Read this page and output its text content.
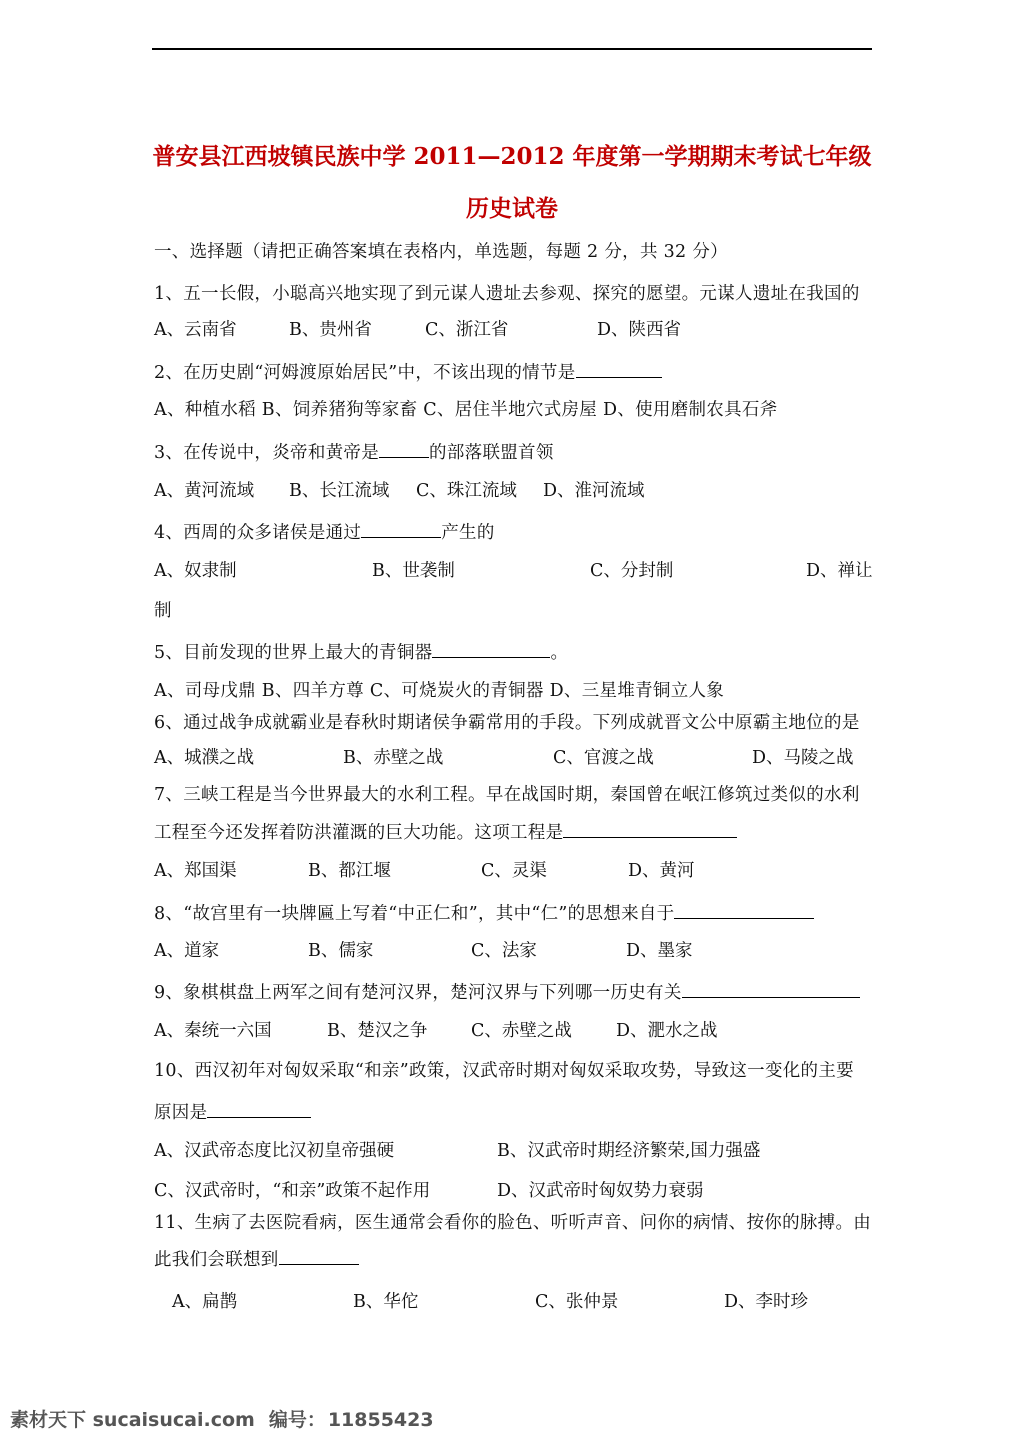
普安县江西坡镇民族中学 2011—2012 年度第一学期期末考试七年级
历史试卷
一、选择题（请把正确答案填在表格内，单选题，每题 2 分，共 32 分）
1、五一长假，小聪高兴地实现了到元谋人遗址去参观、探究的愿望。元谋人遗址在我国的
A、云南省	B、贵州省	C、浙江省	D、陕西省
2、在历史剧“河姆渡原始居民”中，不该出现的情节是
A、种植水稻 B、饲养猪狗等家畜 C、居住半地穴式房屋 D、使用磨制农具石斧
3、在传说中，炎帝和黄帝是	的部落联盟首领
A、黄河流域 B、长江流域 C、珠江流域 D、淮河流域
4、西周的众多诸侯是通过	产生的
A、奴隶制	B、世袭制	C、分封制	D、禅让
制
5、目前发现的世界上最大的青铜器	。
A、司母戊鼎 B、四羊方尊 C、可烧炭火的青铜器 D、三星堆青铜立人象
6、通过战争成就霸业是春秋时期诸侯争霸常用的手段。下列成就晋文公中原霸主地位的是
A、城濮之战	B、赤壁之战	C、官渡之战	D、马陵之战
7、三峡工程是当今世界最大的水利工程。早在战国时期，秦国曾在岷江修筑过类似的水利
工程至今还发挥着防洪灌溉的巨大功能。这项工程是
A、郑国渠	B、都江堰	C、灵渠	D、黄河
8、“故宫里有一块牌匾上写着“中正仁和”，其中“仁”的思想来自于
A、道家	B、儒家	C、法家	D、墨家
9、象棋棋盘上两军之间有楚河汉界，楚河汉界与下列哪一历史有关
A、秦统一六国	B、楚汉之争 C、赤壁之战	D、淝水之战
10、西汉初年对匈奴采取“和亲”政策，汉武帝时期对匈奴采取攻势，导致这一变化的主要
原因是
A、汉武帝态度比汉初皇帝强硬	B、汉武帝时期经济繁荣,国力强盛
C、汉武帝时，“和亲”政策不起作用	D、汉武帝时匈奴势力衰弱
11、生病了去医院看病，医生通常会看你的脸色、听听声音、问你的病情、按你的脉搏。由
此我们会联想到
A、扁鹊	B、华佗	C、张仲景	D、李时珍
素材天下 sucaisucai.com 编号： 11855423
